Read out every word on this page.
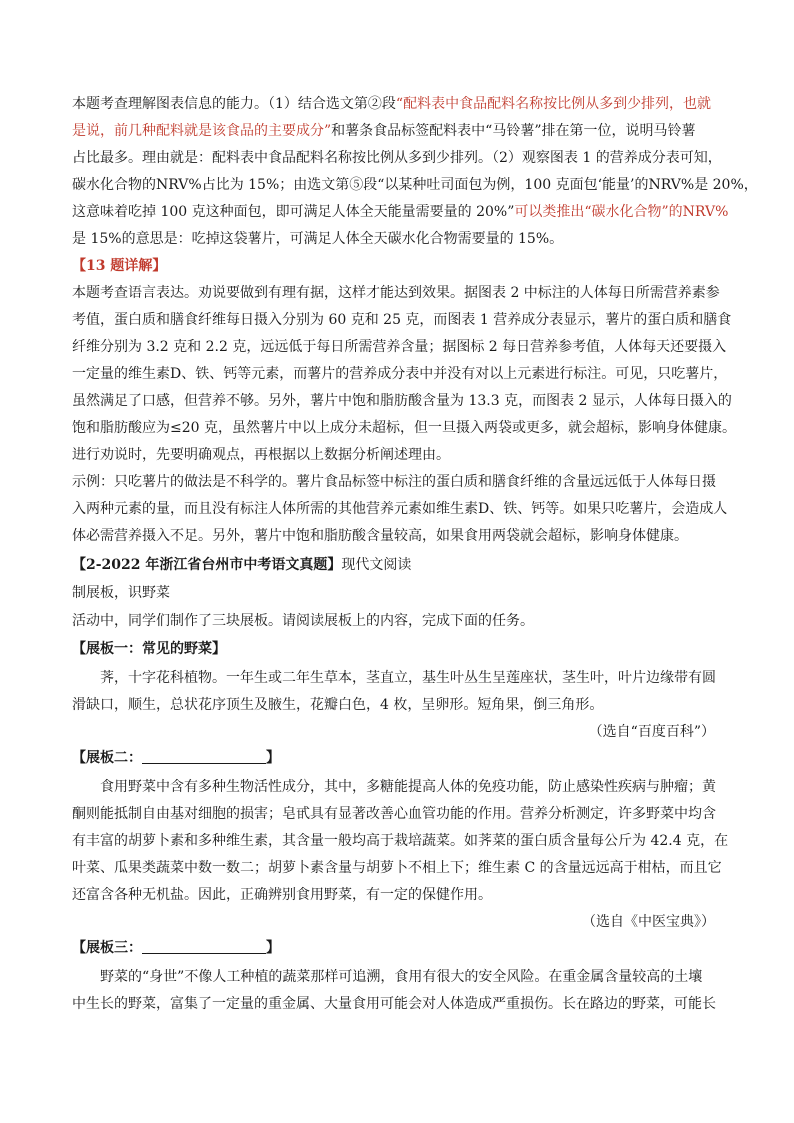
本题考查理解图表信息的能力。（1）结合选文第②段“配料表中食品配料名称按比例从多到少排列，也就
是说，前几种配料就是该食品的主要成分”和薯条食品标签配料表中“马铃薯”排在第一位，说明马铃薯
占比最多。理由就是：配料表中食品配料名称按比例从多到少排列。（2）观察图表 1 的营养成分表可知，
碳水化合物的NRV%占比为 15%；由选文第⑤段“以某种吐司面包为例，100 克面包‘能量’的NRV%是 20%，
这意味着吃掉 100 克这种面包，即可满足人体全天能量需要量的 20%”可以类推出“碳水化合物”的NRV%
是 15%的意思是：吃掉这袋薯片，可满足人体全天碳水化合物需要量的 15%。
【13 题详解】
本题考查语言表达。劝说要做到有理有据，这样才能达到效果。据图表 2 中标注的人体每日所需营养素参
考值，蛋白质和膳食纤维每日摄入分别为 60 克和 25 克，而图表 1 营养成分表显示，薯片的蛋白质和膳食
纤维分别为 3.2 克和 2.2 克，远远低于每日所需营养含量；据图标 2 每日营养参考值，人体每天还要摄入
一定量的维生素D、铁、钙等元素，而薯片的营养成分表中并没有对以上元素进行标注。可见，只吃薯片，
虽然满足了口感，但营养不够。另外，薯片中饱和脂肪酸含量为 13.3 克，而图表 2 显示，人体每日摄入的
饱和脂肪酸应为≤20 克，虽然薯片中以上成分未超标，但一旦摄入两袋或更多，就会超标，影响身体健康。
进行劝说时，先要明确观点，再根据以上数据分析阐述理由。
示例：只吃薯片的做法是不科学的。薯片食品标签中标注的蛋白质和膳食纤维的含量远远低于人体每日摄
入两种元素的量，而且没有标注人体所需的其他营养元素如维生素D、铁、钙等。如果只吃薯片，会造成人
体必需营养摄入不足。另外，薯片中饱和脂肪酸含量较高，如果食用两袋就会超标，影响身体健康。
【2-2022 年浙江省台州市中考语文真题】现代文阅读
制展板，识野菜
活动中，同学们制作了三块展板。请阅读展板上的内容，完成下面的任务。
【展板一：常见的野菜】
荠，十字花科植物。一年生或二年生草本，茎直立，基生叶丛生呈莲座状，茎生叶，叶片边缘带有圆
滑缺口，顺生，总状花序顶生及腋生，花瓣白色，4 枚，呈卵形。短角果，倒三角形。
（选自“百度百科”）
【展板二：	】
食用野菜中含有多种生物活性成分，其中，多糖能提高人体的免疫功能，防止感染性疾病与肿瘤；黄
酮则能抵制自由基对细胞的损害；皂甙具有显著改善心血管功能的作用。营养分析测定，许多野菜中均含
有丰富的胡萝卜素和多种维生素，其含量一般均高于栽培蔬菜。如荠菜的蛋白质含量每公斤为 42.4 克，在
叶菜、瓜果类蔬菜中数一数二；胡萝卜素含量与胡萝卜不相上下；维生素 C 的含量远远高于柑枯，而且它
还富含各种无机盐。因此，正确辨别食用野菜，有一定的保健作用。
（选自《中医宝典》）
【展板三：	】
野菜的“身世”不像人工种植的蔬菜那样可追溯，食用有很大的安全风险。在重金属含量较高的土壤
中生长的野菜，富集了一定量的重金属、大量食用可能会对人体造成严重损伤。长在路边的野菜，可能长
